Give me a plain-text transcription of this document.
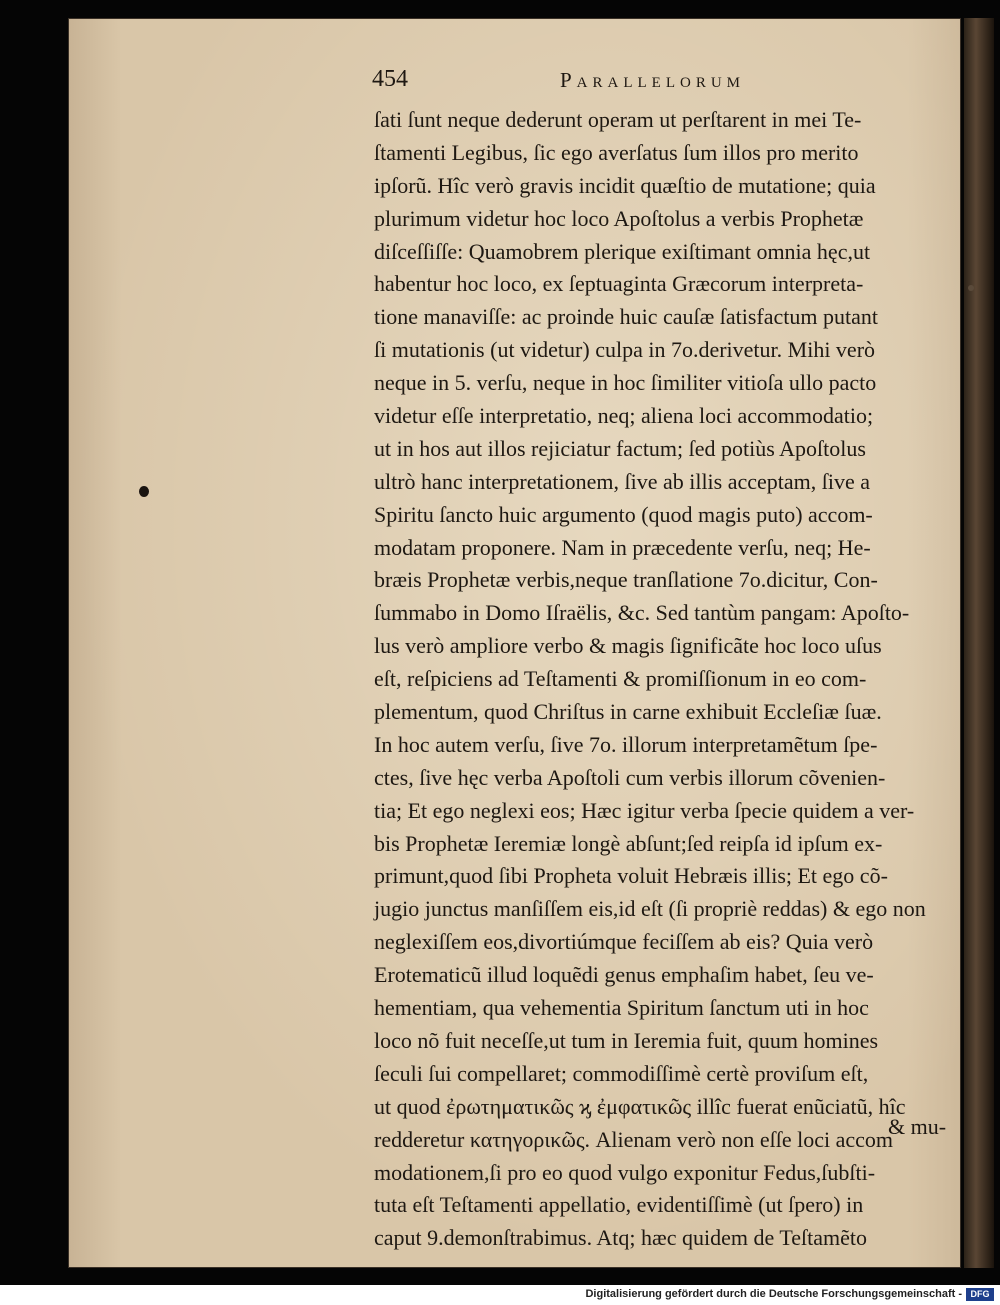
454	Parallelorum
ſati ſunt neque dederunt operam ut perſtarent in mei Te-
ſtamenti Legibus, ſic ego averſatus ſum illos pro merito
ipſorũ. Hîc verò gravis incidit quæſtio de mutatione; quia
plurimum videtur hoc loco Apoſtolus a verbis Prophetæ
diſceſſiſſe: Quamobrem plerique exiſtimant omnia hęc,ut
habentur hoc loco, ex ſeptuaginta Græcorum interpreta-
tione manaviſſe: ac proinde huic cauſæ ſatisfactum putant
ſi mutationis (ut videtur) culpa in 7o.derivetur. Mihi verò
neque in 5. verſu, neque in hoc ſimiliter vitioſa ullo pacto
videtur eſſe interpretatio, neq; aliena loci accommodatio;
ut in hos aut illos rejiciatur factum; ſed potiùs Apoſtolus
ultrò hanc interpretationem, ſive ab illis acceptam, ſive a
Spiritu ſancto huic argumento (quod magis puto) accom-
modatam proponere. Nam in præcedente verſu, neq; He-
bræis Prophetæ verbis,neque tranſlatione 7o.dicitur, Con-
ſummabo in Domo Iſraëlis, &c. Sed tantùm pangam: Apoſto-
lus verò ampliore verbo & magis ſignificãte hoc loco uſus
eſt, reſpiciens ad Teſtamenti & promiſſionum in eo com-
plementum, quod Chriſtus in carne exhibuit Eccleſiæ ſuæ.
In hoc autem verſu, ſive 7o. illorum interpretamẽtum ſpe-
ctes, ſive hęc verba Apoſtoli cum verbis illorum cõvenien-
tia; Et ego neglexi eos; Hæc igitur verba ſpecie quidem a ver-
bis Prophetæ Ieremiæ longè abſunt;ſed reipſa id ipſum ex-
primunt,quod ſibi Propheta voluit Hebræis illis; Et ego cõ-
jugio junctus manſiſſem eis,id eſt (ſi propriè reddas) & ego non
neglexiſſem eos,divortiúmque feciſſem ab eis? Quia verò
Erotematicũ illud loquẽdi genus emphaſim habet, ſeu ve-
hementiam, qua vehementia Spiritum ſanctum uti in hoc
loco nõ fuit neceſſe,ut tum in Ieremia fuit, quum homines
ſeculi ſui compellaret; commodiſſimè certè proviſum eſt,
ut quod ἐρωτηματικῶς ϗ ἐμφατικῶς illîc fuerat enũciatũ, hîc
redderetur κατηγορικῶς. Alienam verò non eſſe loci accom
modationem,ſi pro eo quod vulgo exponitur Fedus,ſubſti-
tuta eſt Teſtamenti appellatio, evidentiſſimè (ut ſpero) in
caput 9.demonſtrabimus. Atq; hæc quidem de Teſtamẽto
& mu-
Digitalisierung gefördert durch die Deutsche Forschungsgemeinschaft - DFG
